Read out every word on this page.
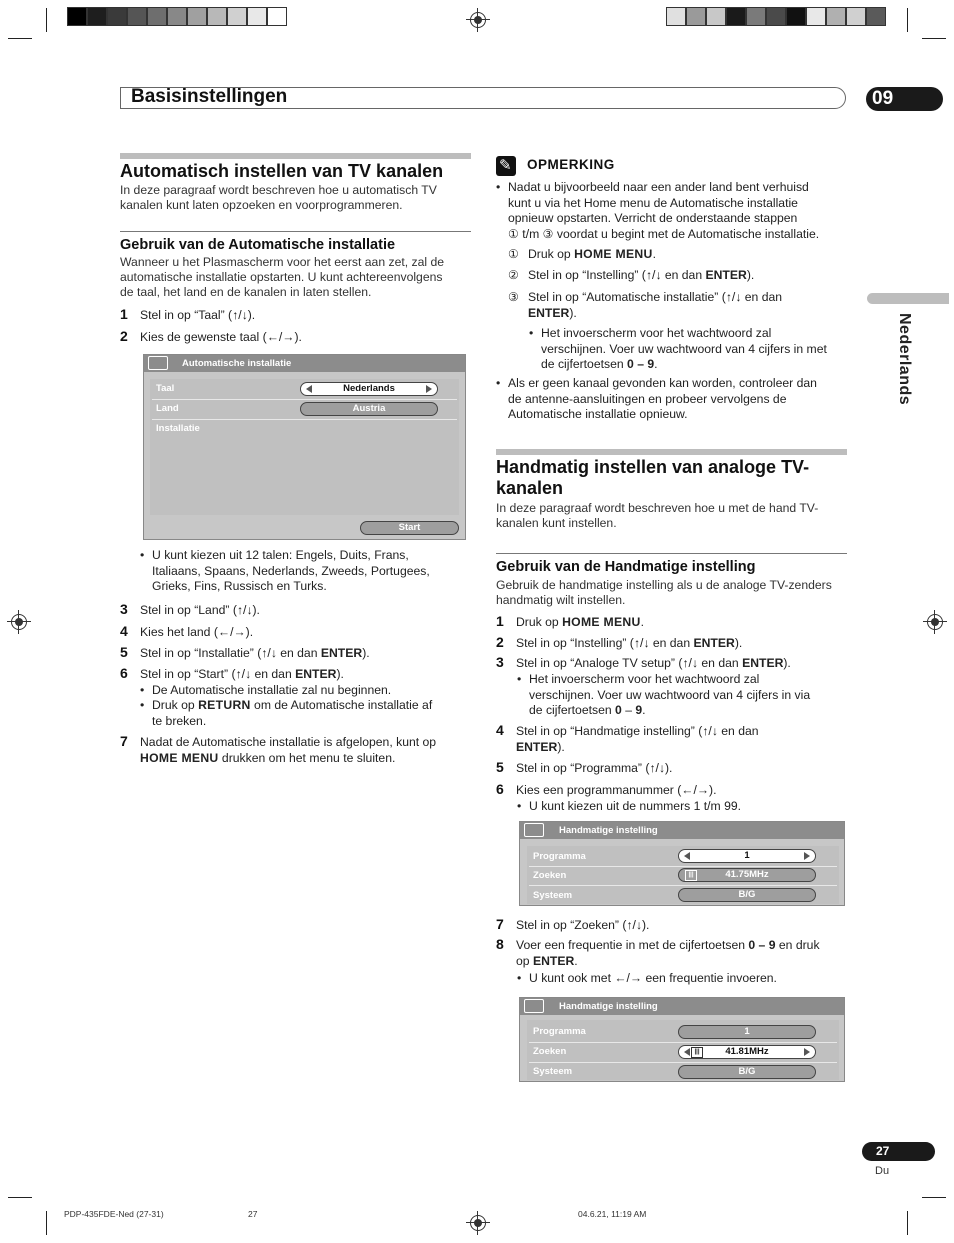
Basisinstellingen	09
Nederlands
Automatisch instellen van TV kanalen
In deze paragraaf wordt beschreven hoe u automatisch TV
kanalen kunt laten opzoeken en voorprogrammeren.
Gebruik van de Automatische installatie
Wanneer u het Plasmascherm voor het eerst aan zet, zal de
automatische installatie opstarten. U kunt achtereenvolgens
de taal, het land en de kanalen in laten stellen.
1 Stel in op “Taal” (↑/↓).
2 Kies de gewenste taal (←/→).
Automatische installatie
Taal	Nederlands
Land	Austria
Installatie
Start
• U kunt kiezen uit 12 talen: Engels, Duits, Frans,
Italiaans, Spaans, Nederlands, Zweeds, Portugees,
Grieks, Fins, Russisch en Turks.
3 Stel in op “Land” (↑/↓).
4 Kies het land (←/→).
5 Stel in op “Installatie” (↑/↓ en dan ENTER).
6 Stel in op “Start” (↑/↓ en dan ENTER).
• De Automatische installatie zal nu beginnen.
• Druk op RETURN om de Automatische installatie af
te breken.
7 Nadat de Automatische installatie is afgelopen, kunt op
HOME MENU drukken om het menu te sluiten.
✎
OPMERKING
• Nadat u bijvoorbeeld naar een ander land bent verhuisd
kunt u via het Home menu de Automatische installatie
opnieuw opstarten. Verricht de onderstaande stappen
① t/m ③ voordat u begint met de Automatische installatie.
① Druk op HOME MENU.
② Stel in op “Instelling” (↑/↓ en dan ENTER).
③ Stel in op “Automatische installatie” (↑/↓ en dan
ENTER).
• Het invoerscherm voor het wachtwoord zal
verschijnen. Voer uw wachtwoord van 4 cijfers in met
de cijfertoetsen 0 – 9.
• Als er geen kanaal gevonden kan worden, controleer dan
de antenne-aansluitingen en probeer vervolgens de
Automatische installatie opnieuw.
Handmatig instellen van analoge TV-
kanalen
In deze paragraaf wordt beschreven hoe u met de hand TV-
kanalen kunt instellen.
Gebruik van de Handmatige instelling
Gebruik de handmatige instelling als u de analoge TV-zenders
handmatig wilt instellen.
1 Druk op HOME MENU.
2 Stel in op “Instelling” (↑/↓ en dan ENTER).
3 Stel in op “Analoge TV setup” (↑/↓ en dan ENTER).
• Het invoerscherm voor het wachtwoord zal
verschijnen. Voer uw wachtwoord van 4 cijfers in via
de cijfertoetsen 0 – 9.
4 Stel in op “Handmatige instelling” (↑/↓ en dan
ENTER).
5 Stel in op “Programma” (↑/↓).
6 Kies een programmanummer (←/→).
• U kunt kiezen uit de nummers 1 t/m 99.
Handmatige instelling
Programma	1
Zoeken	|||	41.75MHz
Systeem	B/G
7 Stel in op “Zoeken” (↑/↓).
8 Voer een frequentie in met de cijfertoetsen 0 – 9 en druk
op ENTER.
• U kunt ook met ←/→ een frequentie invoeren.
Handmatige instelling
Programma	1
Zoeken	|||	41.81MHz
Systeem	B/G
27
Du
PDP-435FDE-Ned (27-31)	27	04.6.21, 11:19 AM
